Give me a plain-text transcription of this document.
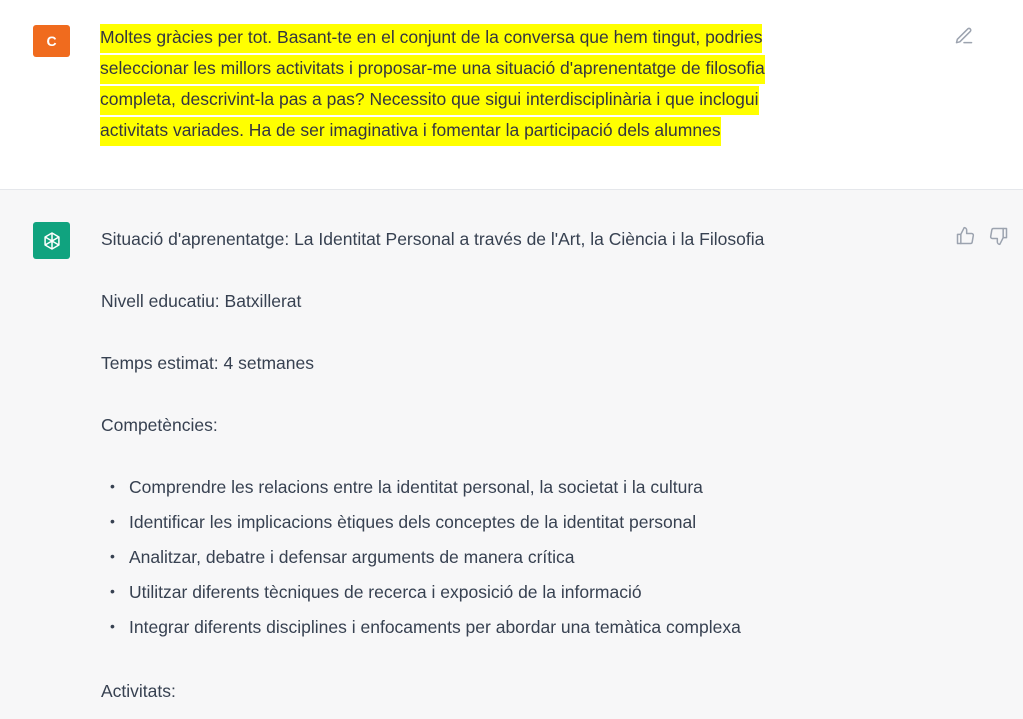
C Moltes gràcies per tot. Basant-te en el conjunt de la conversa que hem tingut, podries
seleccionar les millors activitats i proposar-me una situació d'aprenentatge de filosofia
completa, descrivint-la pas a pas? Necessito que sigui interdisciplinària i que inclogui
activitats variades. Ha de ser imaginativa i fomentar la participació dels alumnes
Situació d'aprenentatge: La Identitat Personal a través de l'Art, la Ciència i la Filosofia
Nivell educatiu: Batxillerat
Temps estimat: 4 setmanes
Competències:
• Comprendre les relacions entre la identitat personal, la societat i la cultura
• Identificar les implicacions ètiques dels conceptes de la identitat personal
• Analitzar, debatre i defensar arguments de manera crítica
• Utilitzar diferents tècniques de recerca i exposició de la informació
• Integrar diferents disciplines i enfocaments per abordar una temàtica complexa
Activitats:
